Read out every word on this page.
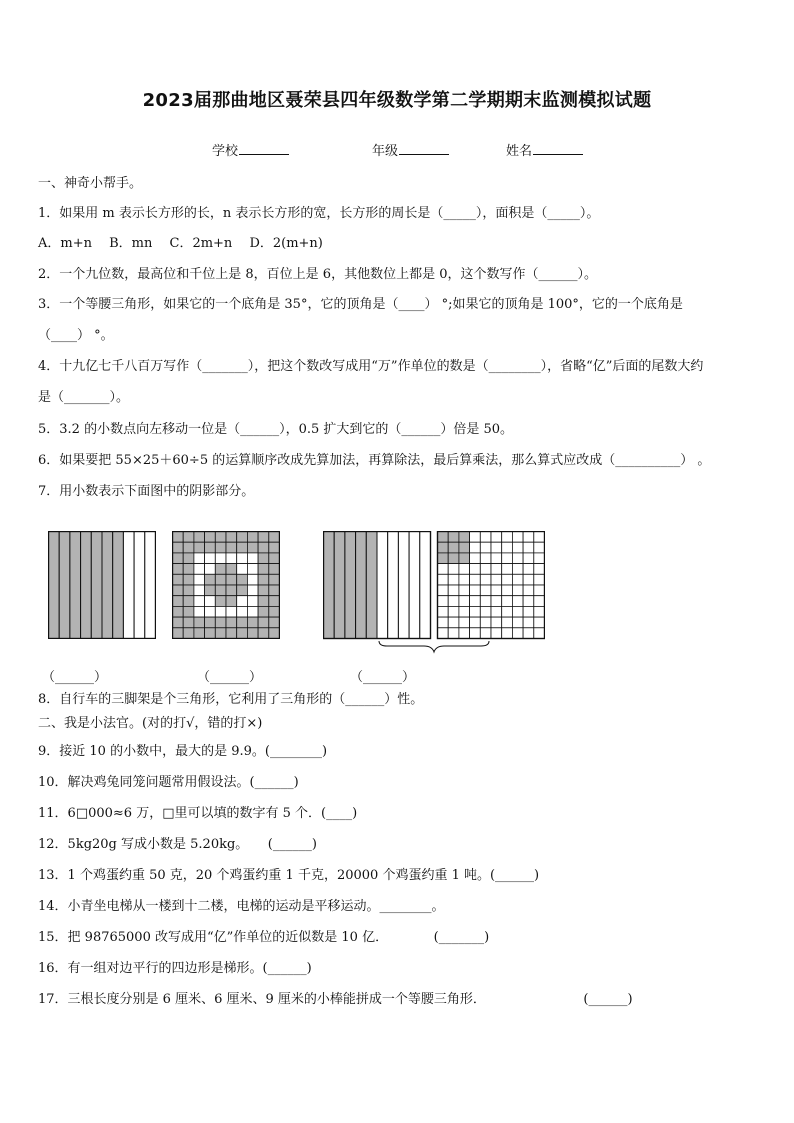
2023届那曲地区聂荣县四年级数学第二学期期末监测模拟试题
学校	年级	姓名
一、神奇小帮手。
1．如果用 m 表示长方形的长，n 表示长方形的宽，长方形的周长是（_____），面积是（_____）。
A．m+n　 B．mn　 C．2m+n　 D．2(m+n)
2．一个九位数，最高位和千位上是 8，百位上是 6，其他数位上都是 0，这个数写作（______）。
3．一个等腰三角形，如果它的一个底角是 35°，它的顶角是（____） °;如果它的顶角是 100°，它的一个底角是
（____） °。
4．十九亿七千八百万写作（_______），把这个数改写成用“万”作单位的数是（________），省略“亿”后面的尾数大约
是（_______）。
5．3.2 的小数点向左移动一位是（______），0.5 扩大到它的（______）倍是 50。
6．如果要把 55×25＋60÷5 的运算顺序改成先算加法，再算除法，最后算乘法，那么算式应改成（__________） 。
7．用小数表示下面图中的阴影部分。
8．自行车的三脚架是个三角形，它利用了三角形的（______）性。
二、我是小法官。(对的打√，错的打×)
9．接近 10 的小数中，最大的是 9.9。(________)
10．解决鸡兔同笼问题常用假设法。(______)
11．6□000≈6 万，□里可以填的数字有 5 个．(____)
12．5kg20g 写成小数是 5.20kg。　　(______)
13．1 个鸡蛋约重 50 克，20 个鸡蛋约重 1 千克，20000 个鸡蛋约重 1 吨。(______)
14．小青坐电梯从一楼到十二楼，电梯的运动是平移运动。________。
15．把 98765000 改写成用“亿”作单位的近似数是 10 亿．　　　　(_______)
16．有一组对边平行的四边形是梯形。(______)
17．三根长度分别是 6 厘米、6 厘米、9 厘米的小棒能拼成一个等腰三角形．　　　　　　　　(______)
（______）	（______）	（______）
